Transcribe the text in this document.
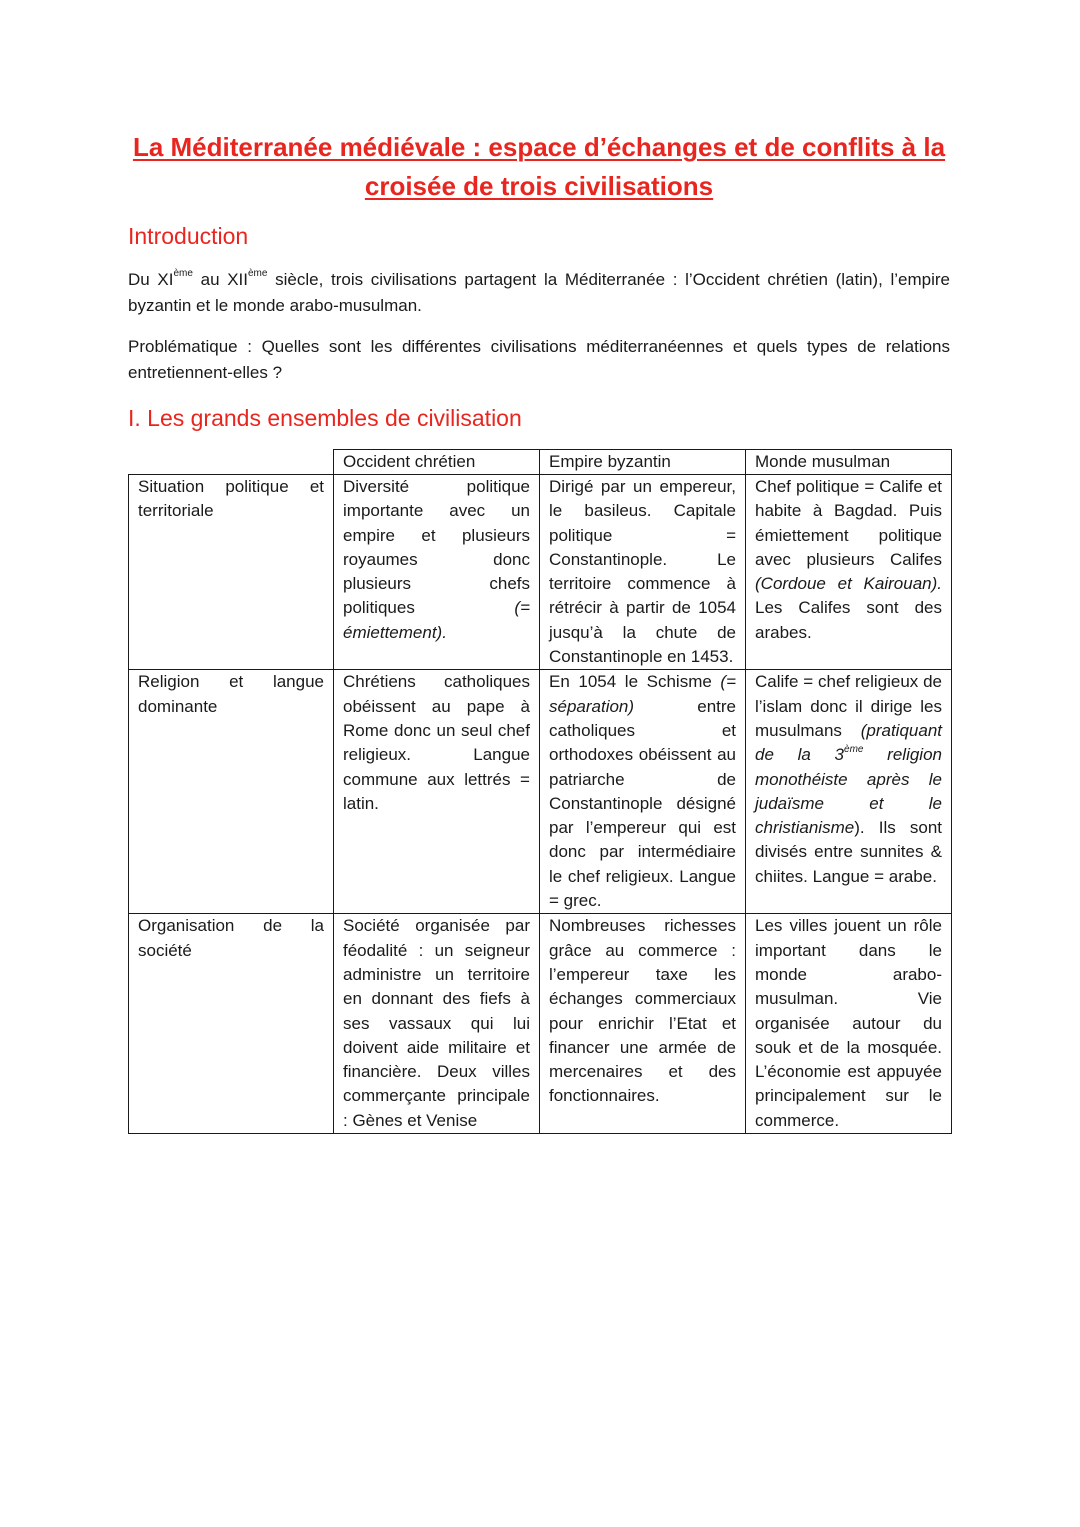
La Méditerranée médiévale : espace d’échanges et de conflits à la croisée de trois civilisations
Introduction
Du XIème au XIIème siècle, trois civilisations partagent la Méditerranée : l’Occident chrétien (latin), l’empire byzantin et le monde arabo-musulman.
Problématique : Quelles sont les différentes civilisations méditerranéennes et quels types de relations entretiennent-elles ?
I. Les grands ensembles de civilisation
	Occident chrétien	Empire byzantin	Monde musulman
Situation politique et territoriale	Diversité politique importante avec un empire et plusieurs royaumes donc plusieurs chefs politiques (= émiettement).	Dirigé par un empereur, le basileus. Capitale politique = Constantinople. Le territoire commence à rétrécir à partir de 1054 jusqu’à la chute de Constantinople en 1453.	Chef politique = Calife et habite à Bagdad. Puis émiettement politique avec plusieurs Califes (Cordoue et Kairouan). Les Califes sont des arabes.
Religion et langue dominante	Chrétiens catholiques obéissent au pape à Rome donc un seul chef religieux. Langue commune aux lettrés = latin.	En 1054 le Schisme (= séparation) entre catholiques et orthodoxes obéissent au patriarche de Constantinople désigné par l’empereur qui est donc par intermédiaire le chef religieux. Langue = grec.	Calife = chef religieux de l’islam donc il dirige les musulmans (pratiquant de la 3ème religion monothéiste après le judaïsme et le christianisme). Ils sont divisés entre sunnites & chiites. Langue = arabe.
Organisation de la société	Société organisée par féodalité : un seigneur administre un territoire en donnant des fiefs à ses vassaux qui lui doivent aide militaire et financière. Deux villes commerçante principale : Gènes et Venise	Nombreuses richesses grâce au commerce : l’empereur taxe les échanges commerciaux pour enrichir l’Etat et financer une armée de mercenaires et des fonctionnaires.	Les villes jouent un rôle important dans le monde arabo-musulman. Vie organisée autour du souk et de la mosquée. L’économie est appuyée principalement sur le commerce.
